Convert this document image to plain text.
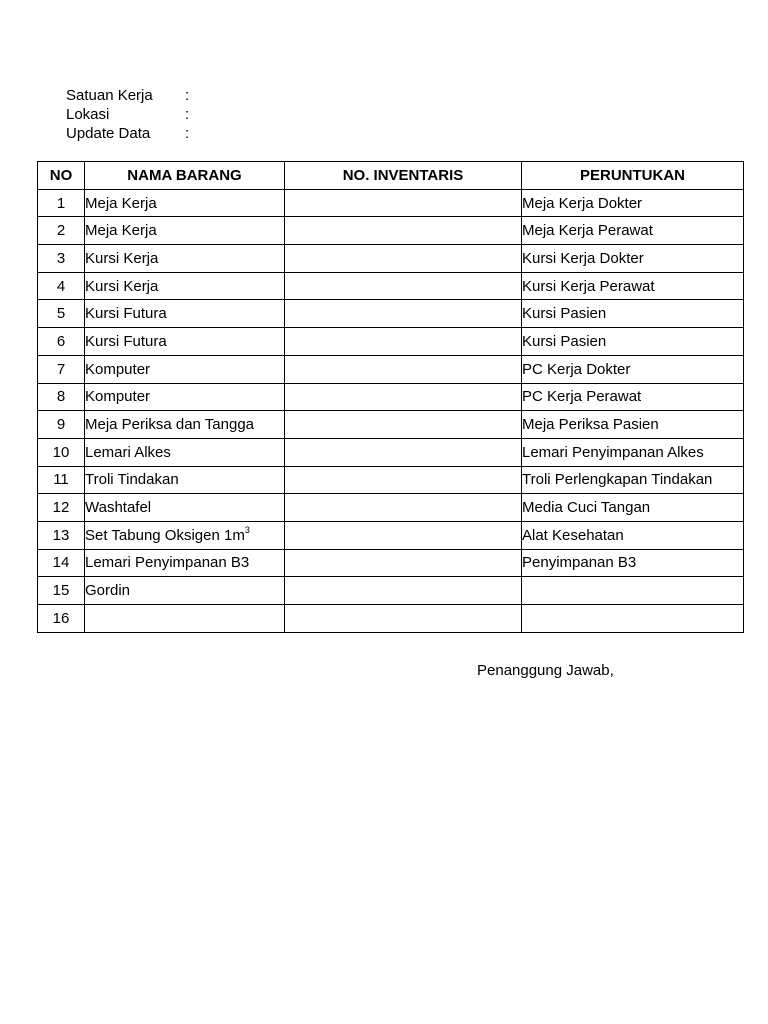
Satuan Kerja	:
Lokasi	:
Update Data	:
NO	NAMA BARANG	NO. INVENTARIS	PERUNTUKAN
1	Meja Kerja		Meja Kerja Dokter
2	Meja Kerja		Meja Kerja Perawat
3	Kursi Kerja		Kursi Kerja Dokter
4	Kursi Kerja		Kursi Kerja Perawat
5	Kursi Futura		Kursi Pasien
6	Kursi Futura		Kursi Pasien
7	Komputer		PC Kerja Dokter
8	Komputer		PC Kerja Perawat
9	Meja Periksa dan Tangga		Meja Periksa Pasien
10	Lemari Alkes		Lemari Penyimpanan Alkes
11	Troli Tindakan		Troli Perlengkapan Tindakan
12	Washtafel		Media Cuci Tangan
13	Set Tabung Oksigen $1m^3$		Alat Kesehatan
14	Lemari Penyimpanan B3		Penyimpanan B3
15	Gordin		
16			
Penanggung Jawab,
